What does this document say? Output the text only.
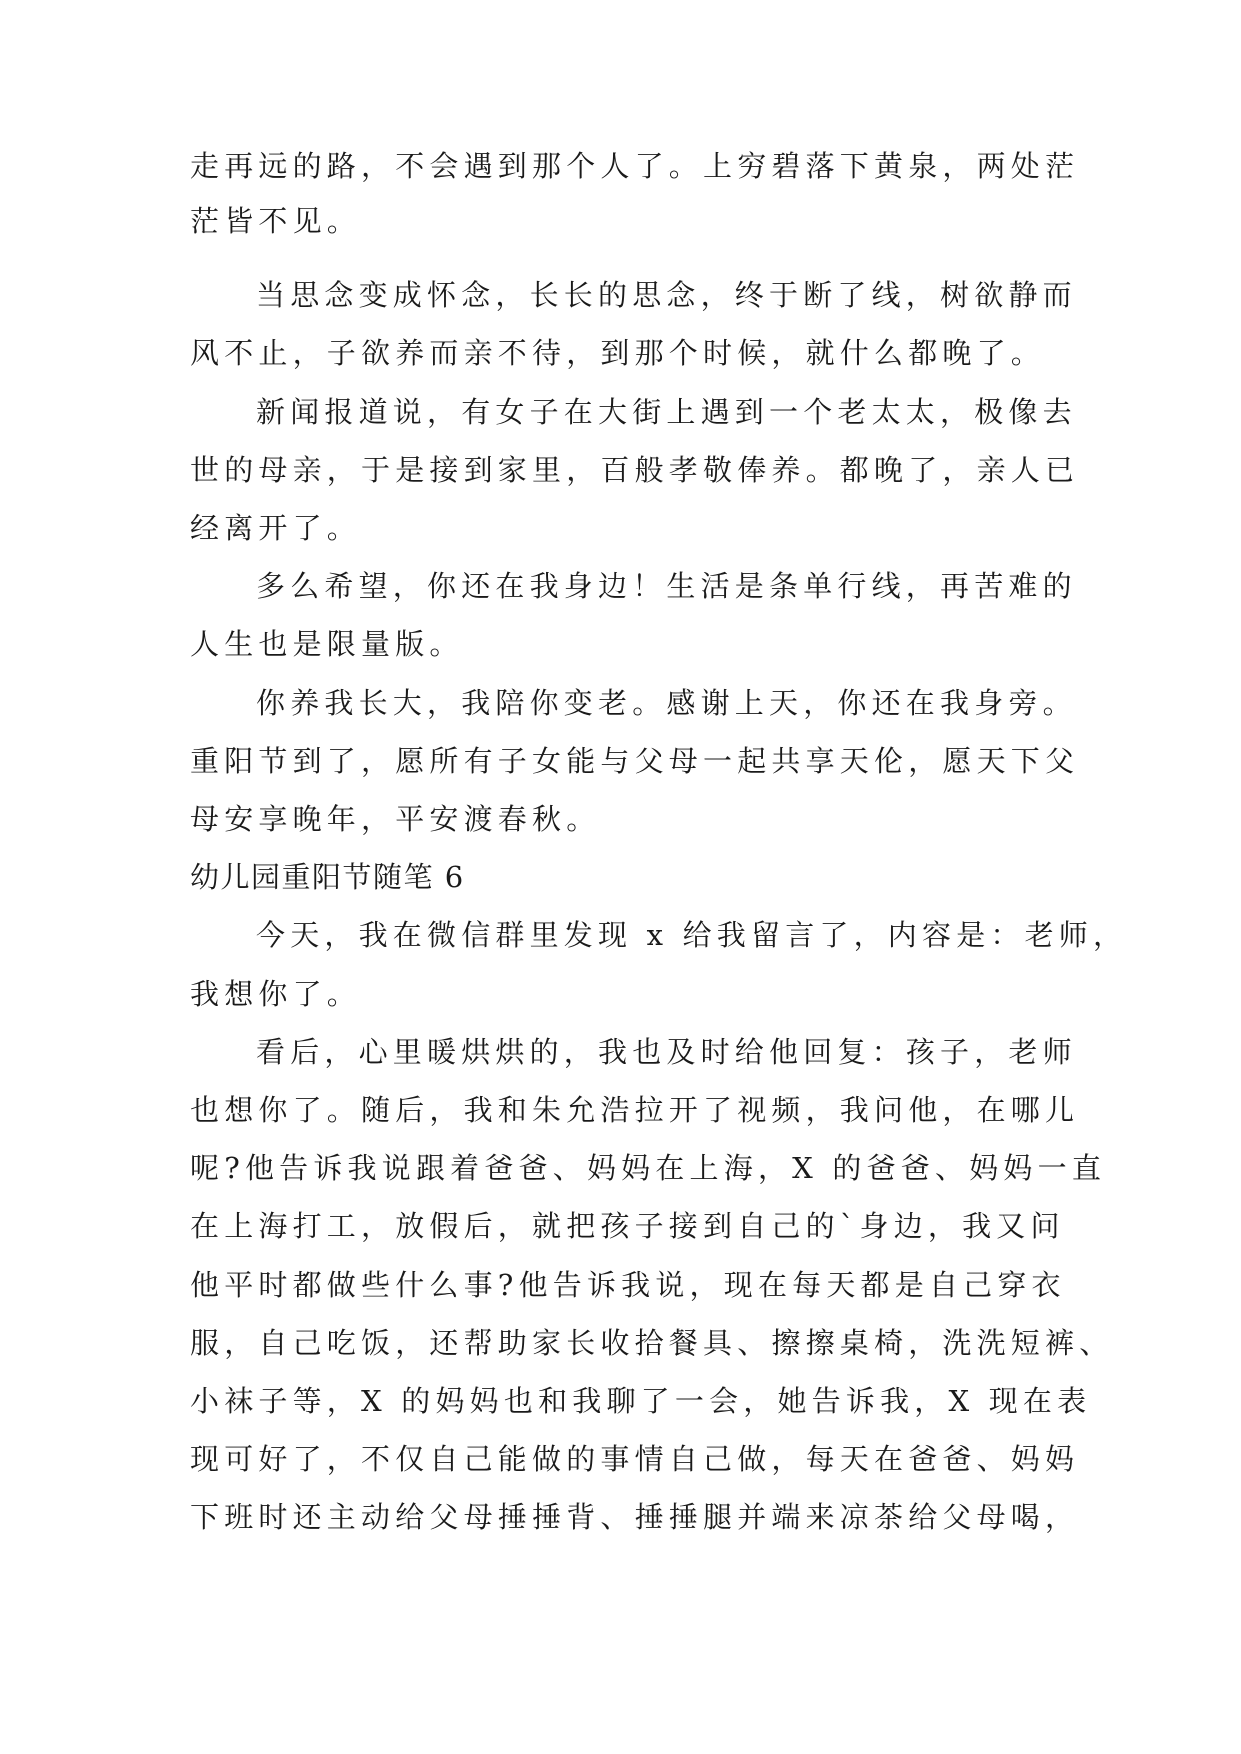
走再远的路，不会遇到那个人了。上穷碧落下黄泉，两处茫
茫皆不见。
当思念变成怀念，长长的思念，终于断了线，树欲静而
风不止，子欲养而亲不待，到那个时候，就什么都晚了。
新闻报道说，有女子在大街上遇到一个老太太，极像去
世的母亲，于是接到家里，百般孝敬俸养。都晚了，亲人已
经离开了。
多么希望，你还在我身边！生活是条单行线，再苦难的
人生也是限量版。
你养我长大，我陪你变老。感谢上天，你还在我身旁。
重阳节到了，愿所有子女能与父母一起共享天伦，愿天下父
母安享晚年，平安渡春秋。
幼儿园重阳节随笔 6
今天，我在微信群里发现 x 给我留言了，内容是：老师，
我想你了。
看后，心里暖烘烘的，我也及时给他回复：孩子，老师
也想你了。随后，我和朱允浩拉开了视频，我问他，在哪儿
呢?他告诉我说跟着爸爸、妈妈在上海，X 的爸爸、妈妈一直
在上海打工，放假后，就把孩子接到自己的`身边，我又问
他平时都做些什么事?他告诉我说，现在每天都是自己穿衣
服，自己吃饭，还帮助家长收拾餐具、擦擦桌椅，洗洗短裤、
小袜子等，X 的妈妈也和我聊了一会，她告诉我，X 现在表
现可好了，不仅自己能做的事情自己做，每天在爸爸、妈妈
下班时还主动给父母捶捶背、捶捶腿并端来凉茶给父母喝，
